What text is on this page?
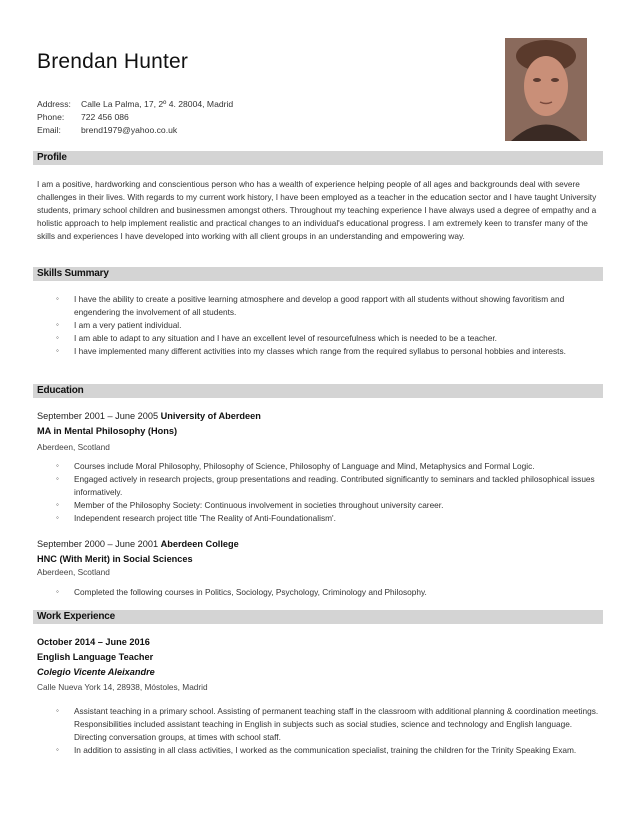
Brendan Hunter
Address:	Calle La Palma, 17, 2º 4. 28004, Madrid
Phone:	722 456 086
Email:	brend1979@yahoo.co.uk
Profile
I am a positive, hardworking and conscientious person who has a wealth of experience helping people of all ages and backgrounds deal with severe challenges in their lives. With regards to my current work history, I have been employed as a teacher in the education sector and I have taught University students, primary school children and businessmen amongst others. Throughout my teaching experience I have always used a degree of empathy and a holistic approach to help implement realistic and practical changes to an individual's educational progress. I am extremely keen to transfer many of the skills and experiences I have developed into working with all client groups in an understanding and empowering way.
Skills Summary
◦ I have the ability to create a positive learning atmosphere and develop a good rapport with all students without showing favoritism and engendering the involvement of all students.
◦ I am a very patient individual.
◦ I am able to adapt to any situation and I have an excellent level of resourcefulness which is needed to be a teacher.
◦ I have implemented many different activities into my classes which range from the required syllabus to personal hobbies and interests.
Education
September 2001 – June 2005 University of Aberdeen
MA in Mental Philosophy (Hons)
Aberdeen, Scotland
◦ Courses include Moral Philosophy, Philosophy of Science, Philosophy of Language and Mind, Metaphysics and Formal Logic.
◦ Engaged actively in research projects, group presentations and reading. Contributed significantly to seminars and tackled philosophical issues informatively.
◦ Member of the Philosophy Society: Continuous involvement in societies throughout university career.
◦ Independent research project title 'The Reality of Anti-Foundationalism'.
September 2000 – June 2001 Aberdeen College
HNC (With Merit) in Social Sciences
Aberdeen, Scotland
◦ Completed the following courses in Politics, Sociology, Psychology, Criminology and Philosophy.
Work Experience
October 2014 – June 2016
English Language Teacher
Colegio Vicente Aleixandre
Calle Nueva York 14, 28938, Móstoles, Madrid
◦ Assistant teaching in a primary school. Assisting of permanent teaching staff in the classroom with additional planning & coordination meetings. Responsibilities included assistant teaching in English in subjects such as social studies, science and technology and English language. Directing conversation groups, at times with school staff.
◦ In addition to assisting in all class activities, I worked as the communication specialist, training the children for the Trinity Speaking Exam.
